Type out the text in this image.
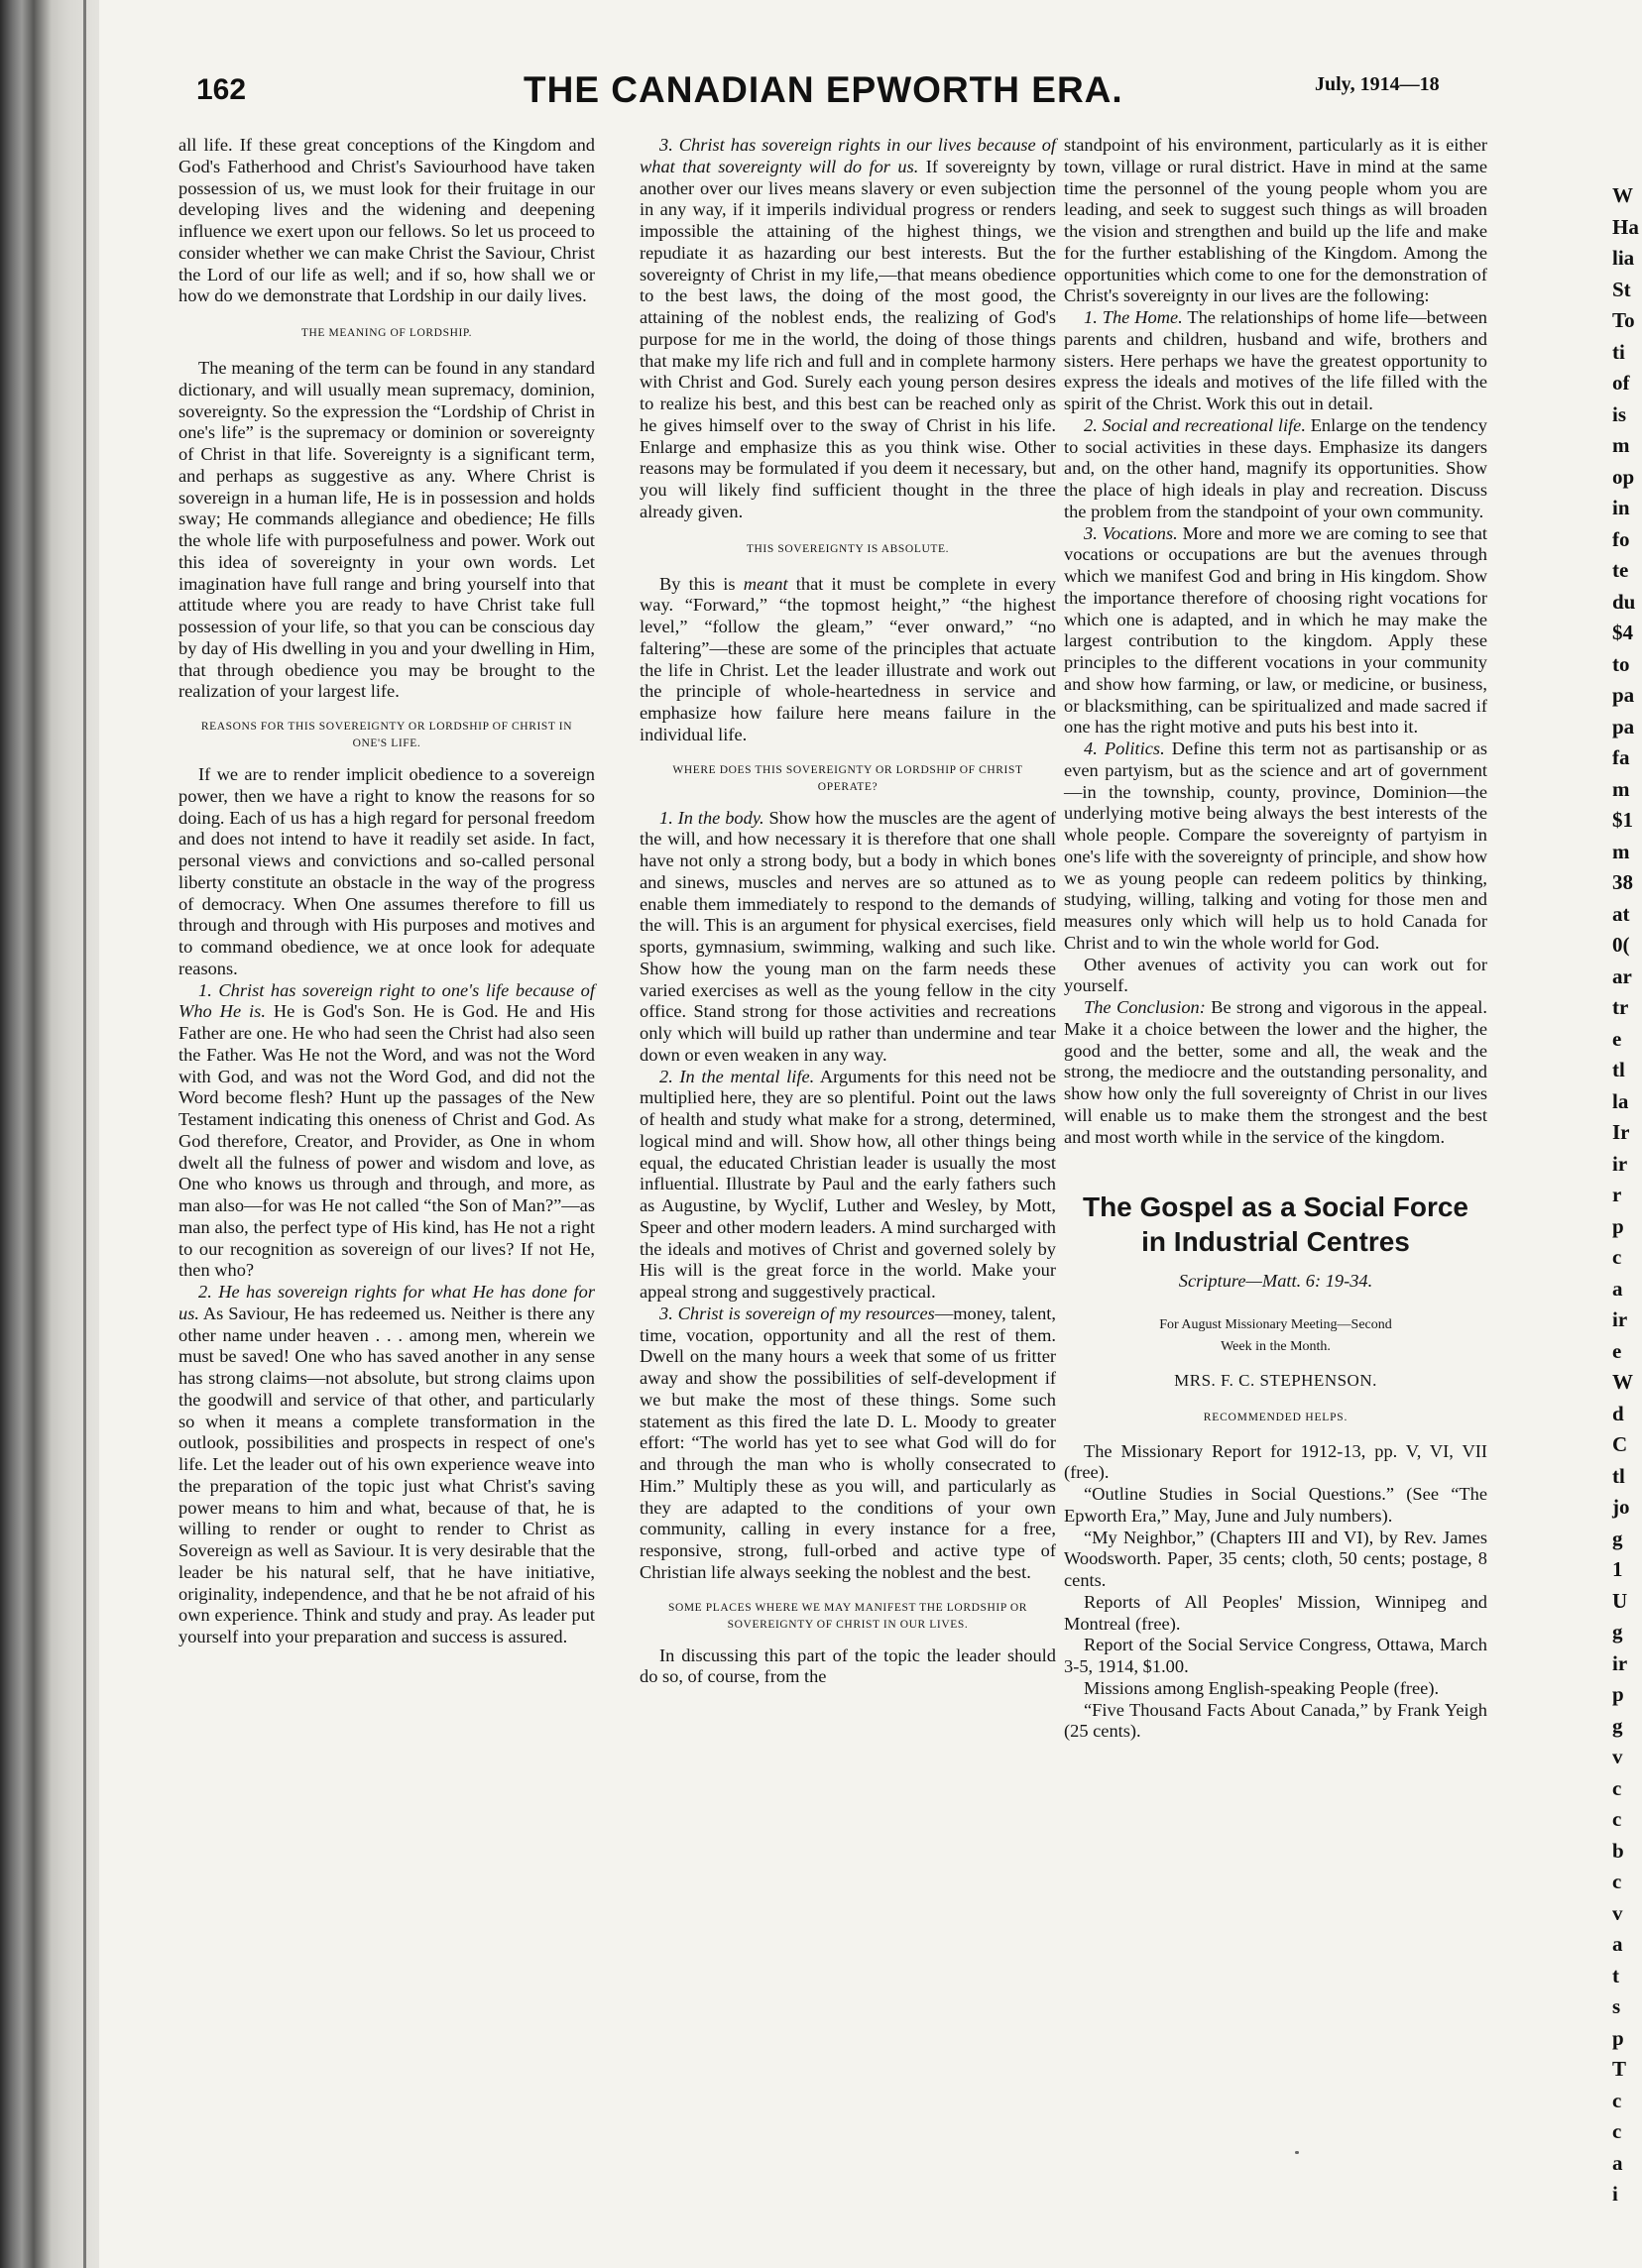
162	THE CANADIAN EPWORTH ERA.	July, 1914—18

all life. If these great conceptions of the Kingdom and God's Fatherhood and Christ's Saviourhood have taken possession of us, we must look for their fruitage in our developing lives and the widening and deepening influence we exert upon our fellows. So let us proceed to consider whether we can make Christ the Saviour, Christ the Lord of our life as well; and if so, how shall we or how do we demonstrate that Lordship in our daily lives.

THE MEANING OF LORDSHIP.

The meaning of the term can be found in any standard dictionary, and will usually mean supremacy, dominion, sovereignty. So the expression the “Lordship of Christ in one's life” is the supremacy or dominion or sovereignty of Christ in that life. Sovereignty is a significant term, and perhaps as suggestive as any. Where Christ is sovereign in a human life, He is in possession and holds sway; He commands allegiance and obedience; He fills the whole life with purposefulness and power. Work out this idea of sovereignty in your own words. Let imagination have full range and bring yourself into that attitude where you are ready to have Christ take full possession of your life, so that you can be conscious day by day of His dwelling in you and your dwelling in Him, that through obedience you may be brought to the realization of your largest life.

REASONS FOR THIS SOVEREIGNTY OR LORDSHIP OF CHRIST IN ONE'S LIFE.

If we are to render implicit obedience to a sovereign power, then we have a right to know the reasons for so doing. Each of us has a high regard for personal freedom and does not intend to have it readily set aside. In fact, personal views and convictions and so-called personal liberty constitute an obstacle in the way of the progress of democracy. When One assumes therefore to fill us through and through with His purposes and motives and to command obedience, we at once look for adequate reasons.

1. Christ has sovereign right to one's life because of Who He is. He is God's Son. He is God. He and His Father are one. He who had seen the Christ had also seen the Father. Was He not the Word, and was not the Word with God, and was not the Word God, and did not the Word become flesh? Hunt up the passages of the New Testament indicating this oneness of Christ and God. As God therefore, Creator, and Provider, as One in whom dwelt all the fulness of power and wisdom and love, as One who knows us through and through, and more, as man also—for was He not called “the Son of Man?”—as man also, the perfect type of His kind, has He not a right to our recognition as sovereign of our lives? If not He, then who?

2. He has sovereign rights for what He has done for us. As Saviour, He has redeemed us. Neither is there any other name under heaven . . . among men, wherein we must be saved! One who has saved another in any sense has strong claims—not absolute, but strong claims upon the goodwill and service of that other, and particularly so when it means a complete transformation in the outlook, possibilities and prospects in respect of one's life. Let the leader out of his own experience weave into the preparation of the topic just what Christ's saving power means to him and what, because of that, he is willing to render or ought to render to Christ as Sovereign as well as Saviour. It is very desirable that the leader be his natural self, that he have initiative, originality, independence, and that he be not afraid of his own experience. Think and study and pray. As leader put yourself into your preparation and success is assured.

3. Christ has sovereign rights in our lives because of what that sovereignty will do for us. If sovereignty by another over our lives means slavery or even subjection in any way, if it imperils individual progress or renders impossible the attaining of the highest things, we repudiate it as hazarding our best interests. But the sovereignty of Christ in my life,—that means obedience to the best laws, the doing of the most good, the attaining of the noblest ends, the realizing of God's purpose for me in the world, the doing of those things that make my life rich and full and in complete harmony with Christ and God. Surely each young person desires to realize his best, and this best can be reached only as he gives himself over to the sway of Christ in his life. Enlarge and emphasize this as you think wise. Other reasons may be formulated if you deem it necessary, but you will likely find sufficient thought in the three already given.

THIS SOVEREIGNTY IS ABSOLUTE.

By this is meant that it must be complete in every way. “Forward,” “the topmost height,” “the highest level,” “follow the gleam,” “ever onward,” “no faltering”—these are some of the principles that actuate the life in Christ. Let the leader illustrate and work out the principle of whole-heartedness in service and emphasize how failure here means failure in the individual life.

WHERE DOES THIS SOVEREIGNTY OR LORDSHIP OF CHRIST OPERATE?

1. In the body. Show how the muscles are the agent of the will, and how necessary it is therefore that one shall have not only a strong body, but a body in which bones and sinews, muscles and nerves are so attuned as to enable them immediately to respond to the demands of the will. This is an argument for physical exercises, field sports, gymnasium, swimming, walking and such like. Show how the young man on the farm needs these varied exercises as well as the young fellow in the city office. Stand strong for those activities and recreations only which will build up rather than undermine and tear down or even weaken in any way.

2. In the mental life. Arguments for this need not be multiplied here, they are so plentiful. Point out the laws of health and study what make for a strong, determined, logical mind and will. Show how, all other things being equal, the educated Christian leader is usually the most influential. Illustrate by Paul and the early fathers such as Augustine, by Wyclif, Luther and Wesley, by Mott, Speer and other modern leaders. A mind surcharged with the ideals and motives of Christ and governed solely by His will is the great force in the world. Make your appeal strong and suggestively practical.

3. Christ is sovereign of my resources—money, talent, time, vocation, opportunity and all the rest of them. Dwell on the many hours a week that some of us fritter away and show the possibilities of self-development if we but make the most of these things. Some such statement as this fired the late D. L. Moody to greater effort: “The world has yet to see what God will do for and through the man who is wholly consecrated to Him.” Multiply these as you will, and particularly as they are adapted to the conditions of your own community, calling in every instance for a free, responsive, strong, full-orbed and active type of Christian life always seeking the noblest and the best.

SOME PLACES WHERE WE MAY MANIFEST THE LORDSHIP OR SOVEREIGNTY OF CHRIST IN OUR LIVES.

In discussing this part of the topic the leader should do so, of course, from the

standpoint of his environment, particularly as it is either town, village or rural district. Have in mind at the same time the personnel of the young people whom you are leading, and seek to suggest such things as will broaden the vision and strengthen and build up the life and make for the further establishing of the Kingdom. Among the opportunities which come to one for the demonstration of Christ's sovereignty in our lives are the following:

1. The Home. The relationships of home life—between parents and children, husband and wife, brothers and sisters. Here perhaps we have the greatest opportunity to express the ideals and motives of the life filled with the spirit of the Christ. Work this out in detail.

2. Social and recreational life. Enlarge on the tendency to social activities in these days. Emphasize its dangers and, on the other hand, magnify its opportunities. Show the place of high ideals in play and recreation. Discuss the problem from the standpoint of your own community.

3. Vocations. More and more we are coming to see that vocations or occupations are but the avenues through which we manifest God and bring in His kingdom. Show the importance therefore of choosing right vocations for which one is adapted, and in which he may make the largest contribution to the kingdom. Apply these principles to the different vocations in your community and show how farming, or law, or medicine, or business, or blacksmithing, can be spiritualized and made sacred if one has the right motive and puts his best into it.

4. Politics. Define this term not as partisanship or as even partyism, but as the science and art of government—in the township, county, province, Dominion—the underlying motive being always the best interests of the whole people. Compare the sovereignty of partyism in one's life with the sovereignty of principle, and show how we as young people can redeem politics by thinking, studying, willing, talking and voting for those men and measures only which will help us to hold Canada for Christ and to win the whole world for God.

Other avenues of activity you can work out for yourself.

The Conclusion: Be strong and vigorous in the appeal. Make it a choice between the lower and the higher, the good and the better, some and all, the weak and the strong, the mediocre and the outstanding personality, and show how only the full sovereignty of Christ in our lives will enable us to make them the strongest and the best and most worth while in the service of the kingdom.

The Gospel as a Social Force
in Industrial Centres
Scripture—Matt. 6: 19-34.
For August Missionary Meeting—Second
Week in the Month.
MRS. F. C. STEPHENSON.
RECOMMENDED HELPS.

The Missionary Report for 1912-13, pp. V, VI, VII (free).

“Outline Studies in Social Questions.” (See “The Epworth Era,” May, June and July numbers).

“My Neighbor,” (Chapters III and VI), by Rev. James Woodsworth. Paper, 35 cents; cloth, 50 cents; postage, 8 cents.

Reports of All Peoples' Mission, Winnipeg and Montreal (free).

Report of the Social Service Congress, Ottawa, March 3-5, 1914, $1.00.

Missions among English-speaking People (free).

“Five Thousand Facts About Canada,” by Frank Yeigh (25 cents).

W
Ha
lia
St
To
ti
of
is
m
op
in
fo
te
du
$4
to
pa
pa
fa
m
$1
m
38
at
0(
ar
tr
e
tl
la
Ir
ir
r
p
c
a
ir
e
W
d
C
tl
jo
g
1
U
g
ir
p
g
v
c
c
b
c
v
a
t
s
p
T
c
c
a
i
